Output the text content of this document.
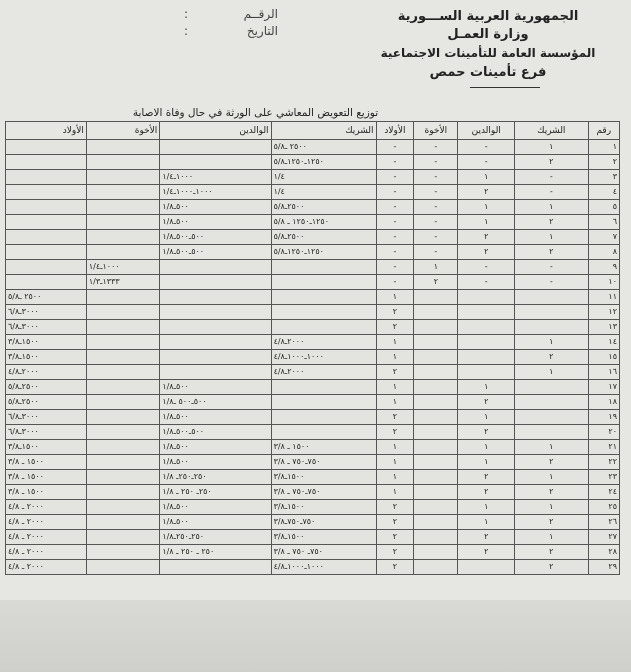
الجمهورية العربية الســـورية
وزارة العمـل
المؤسسة العامة للتأمينات الاجتماعية
فرع تأمينات حمص
الرقــم
:
التاريخ
:
توزيع التعويض المعاشي على الورثة في حال وفاة الاصابة
رقم	الشريك	الوالدين	الأخوة	الأولاد	الشريك	الوالدين	الأخوة	الأولاد
١	١	-	-	-	٢٥٠٠ ـ٥/٨			
٢	٢	-	-	-	١٢٥٠ـ١٢٥٠ـ٥/٨			
٣	-	١	-	-	١/٤	١٠٠٠ـ١/٤		
٤	-	٢	-	-	١/٤	١٠٠٠ـ١٠٠٠ـ١/٤		
٥	١	١	-	-	٢٥٠٠ـ٥/٨	٥٠٠ـ١/٨		
٦	٢	١	-	-	١٢٥٠ـ١٢٥٠ ـ ٥/٨	٥٠٠ـ١/٨		
٧	١	٢	-	-	٢٥٠٠ـ٥/٨	٥٠٠ـ٥٠٠ـ١/٨		
٨	٢	٢	-	-	١٢٥٠ـ١٢٥٠ـ٥/٨	٥٠٠ـ٥٠٠ـ١/٨		
٩	-	-	١	-			١٠٠٠ـ١/٤	
١٠	-	-	٢	-			١٣٣٣ـ١/٣	
١١				١				٢٥٠٠ ـ٥/٨
١٢				٢				٣٠٠٠ـ٦/٨
١٣				٢				٣٠٠٠ـ٦/٨
١٤	١			١	٢٠٠٠ـ٤/٨			١٥٠٠ـ٣/٨
١٥	٢			١	١٠٠٠ـ١٠٠٠ـ٤/٨			١٥٠٠ـ٣/٨
١٦	١			٢	٢٠٠٠ـ٤/٨			٢٠٠٠ـ٤/٨
١٧		١		١		٥٠٠ـ١/٨		٢٥٠٠ـ٥/٨
١٨		٢		١		٥٠٠ـ٥٠٠ ـ١/٨		٢٥٠٠ـ٥/٨
١٩		١		٢		٥٠٠ـ١/٨		٣٠٠٠ـ٦/٨
٢٠		٢		٢		٥٠٠ـ٥٠٠ـ١/٨		٣٠٠٠ـ٦/٨
٢١	١	١		١	١٥٠٠ ـ ٣/٨	٥٠٠ـ١/٨		١٥٠٠ـ٣/٨
٢٢	٢	١		١	٧٥٠ـ٧٥٠ ـ ٣/٨	٥٠٠ـ١/٨		١٥٠٠ ـ ٣/٨
٢٣	١	٢		١	١٥٠٠ـ٣/٨	٢٥٠ـ٢٥٠ـ ١/٨		١٥٠٠ ـ ٣/٨
٢٤	٢	٢		١	٧٥٠ـ٧٥٠ ـ ٣/٨	٢٥٠ـ ٢٥٠ ـ ١/٨		١٥٠٠ ـ ٣/٨
٢٥	١	١		٢	١٥٠٠ـ٣/٨	٥٠٠ـ١/٨		٢٠٠٠ ـ ٤/٨
٢٦	٢	١		٢	٧٥٠ـ٧٥٠ـ٣/٨	٥٠٠ـ١/٨		٢٠٠٠ ـ ٤/٨
٢٧	١	٢		٢	١٥٠٠ـ٣/٨	٢٥٠ـ٢٥٠ـ١/٨		٢٠٠٠ ـ ٤/٨
٢٨	٢	٢		٢	٧٥٠ـ ٧٥٠ ـ ٣/٨	٢٥٠ ـ ٢٥٠ ـ ١/٨		٢٠٠٠ ـ ٤/٨
٢٩	٢			٢	١٠٠٠ـ١٠٠٠ـ٤/٨			٢٠٠٠ ـ ٤/٨
